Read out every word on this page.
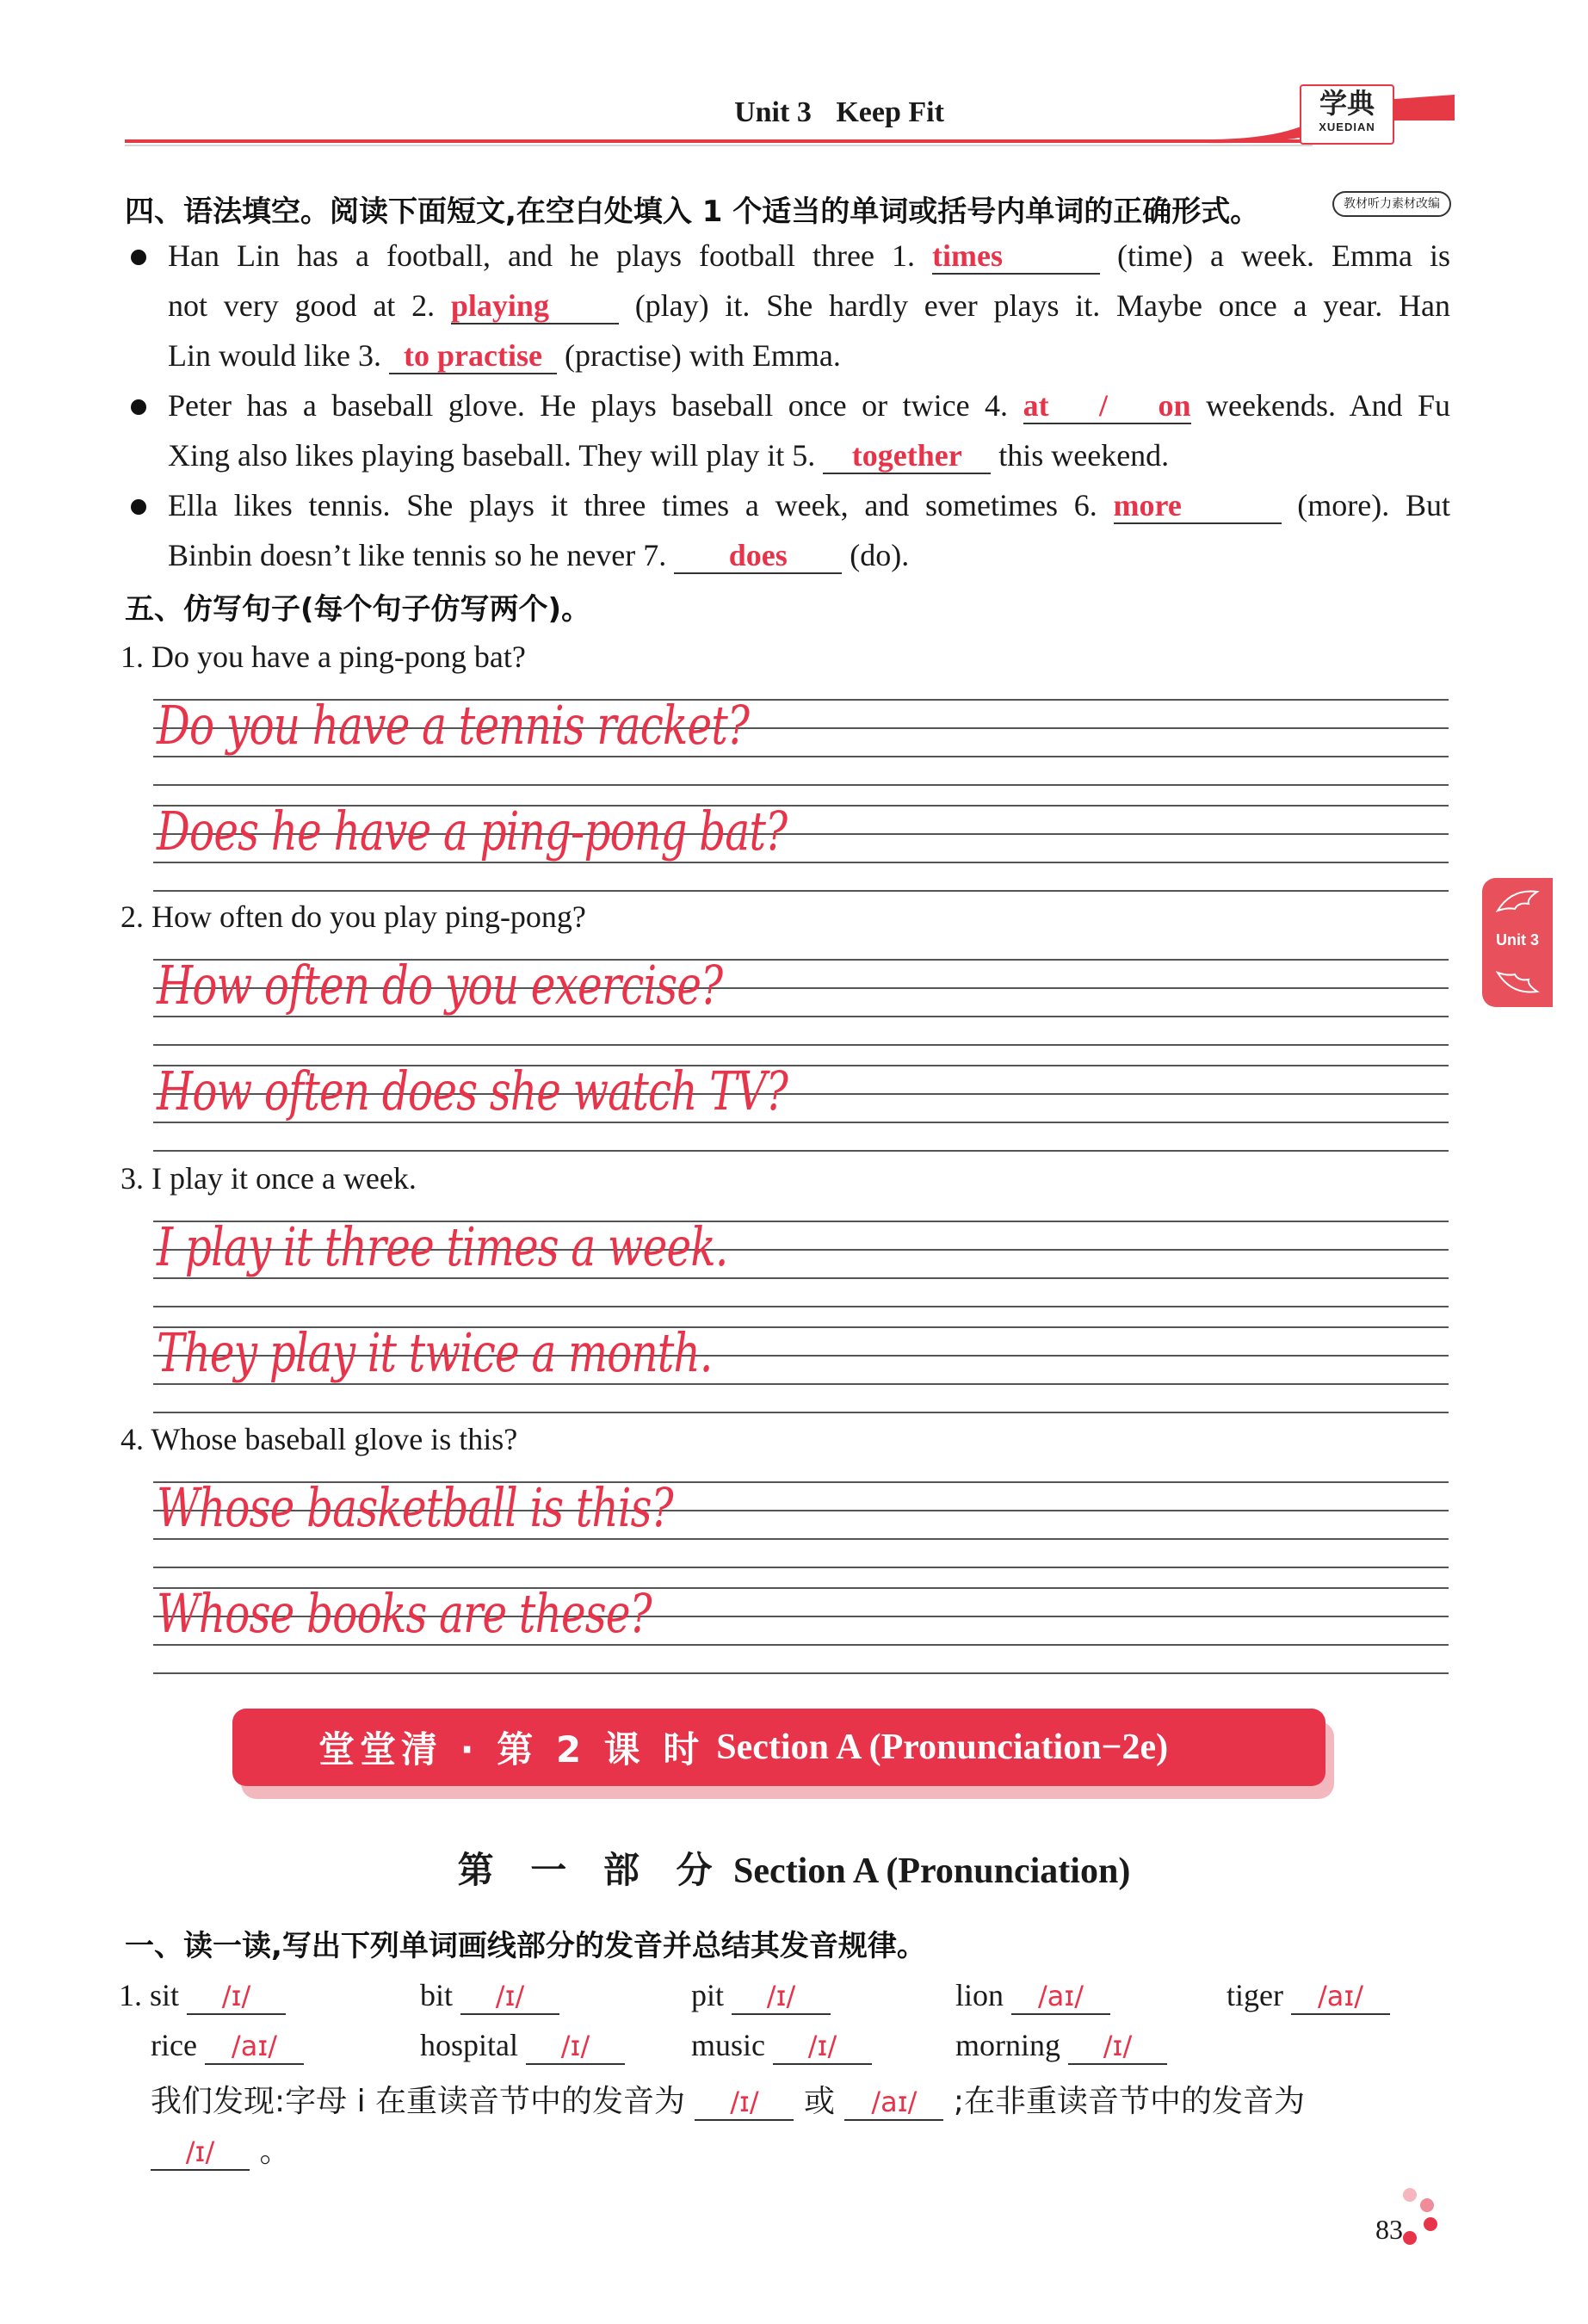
Unit 3 Keep Fit	学典
XUEDIAN
Unit 3
四、语法填空。阅读下面短文,在空白处填入 1 个适当的单词或括号内单词的正确形式。	教材听力素材改编
Han Lin has a football, and he plays football three 1. times	(time) a week. Emma is
not very good at 2. playing	(play) it. She hardly ever plays it. Maybe once a year. Han
Lin would like 3. to practise (practise) with Emma.
Peter has a baseball glove. He plays baseball once or twice 4. at / on weekends. And Fu
Xing also likes playing baseball. They will play it 5. together this weekend.
Ella likes tennis. She plays it three times a week, and sometimes 6. more	(more). But
Binbin doesn’t like tennis so he never 7. does (do).
五、仿写句子(每个句子仿写两个)。
1. Do you have a ping-pong bat?
Do you have a tennis racket?
Does he have a ping-pong bat?
2. How often do you play ping-pong?
How often do you exercise?
How often does she watch TV?
3. I play it once a week.
I play it three times a week.
They play it twice a month.
4. Whose baseball glove is this?
Whose basketball is this?
Whose books are these?
堂堂清 · 第 2 课 时 Section A (Pronunciation−2e)
第 一 部 分 Section A (Pronunciation)
一、读一读,写出下列单词画线部分的发音并总结其发音规律。
1. sit /ɪ/	bit /ɪ/	pit /ɪ/	lion /aɪ/	tiger /aɪ/
rice /aɪ/	hospital /ɪ/	music /ɪ/	morning /ɪ/
我们发现:字母 i 在重读音节中的发音为 /ɪ/ 或 /aɪ/ ;在非重读音节中的发音为
/ɪ/ 。
83
